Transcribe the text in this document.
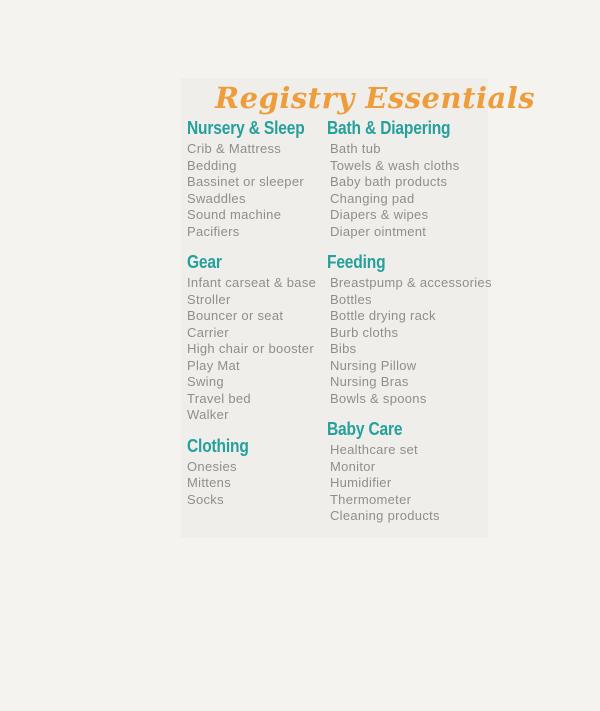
Registry Essentials
Nursery & Sleep
Crib & Mattress
Bedding
Bassinet or sleeper
Swaddles
Sound machine
Pacifiers
Gear
Infant carseat & base
Stroller
Bouncer or seat
Carrier
High chair or booster
Play Mat
Swing
Travel bed
Walker
Clothing
Onesies
Mittens
Socks
Bath & Diapering
Bath tub
Towels & wash cloths
Baby bath products
Changing pad
Diapers & wipes
Diaper ointment
Feeding
Breastpump & accessories
Bottles
Bottle drying rack
Burb cloths
Bibs
Nursing Pillow
Nursing Bras
Bowls & spoons
Baby Care
Healthcare set
Monitor
Humidifier
Thermometer
Cleaning products
